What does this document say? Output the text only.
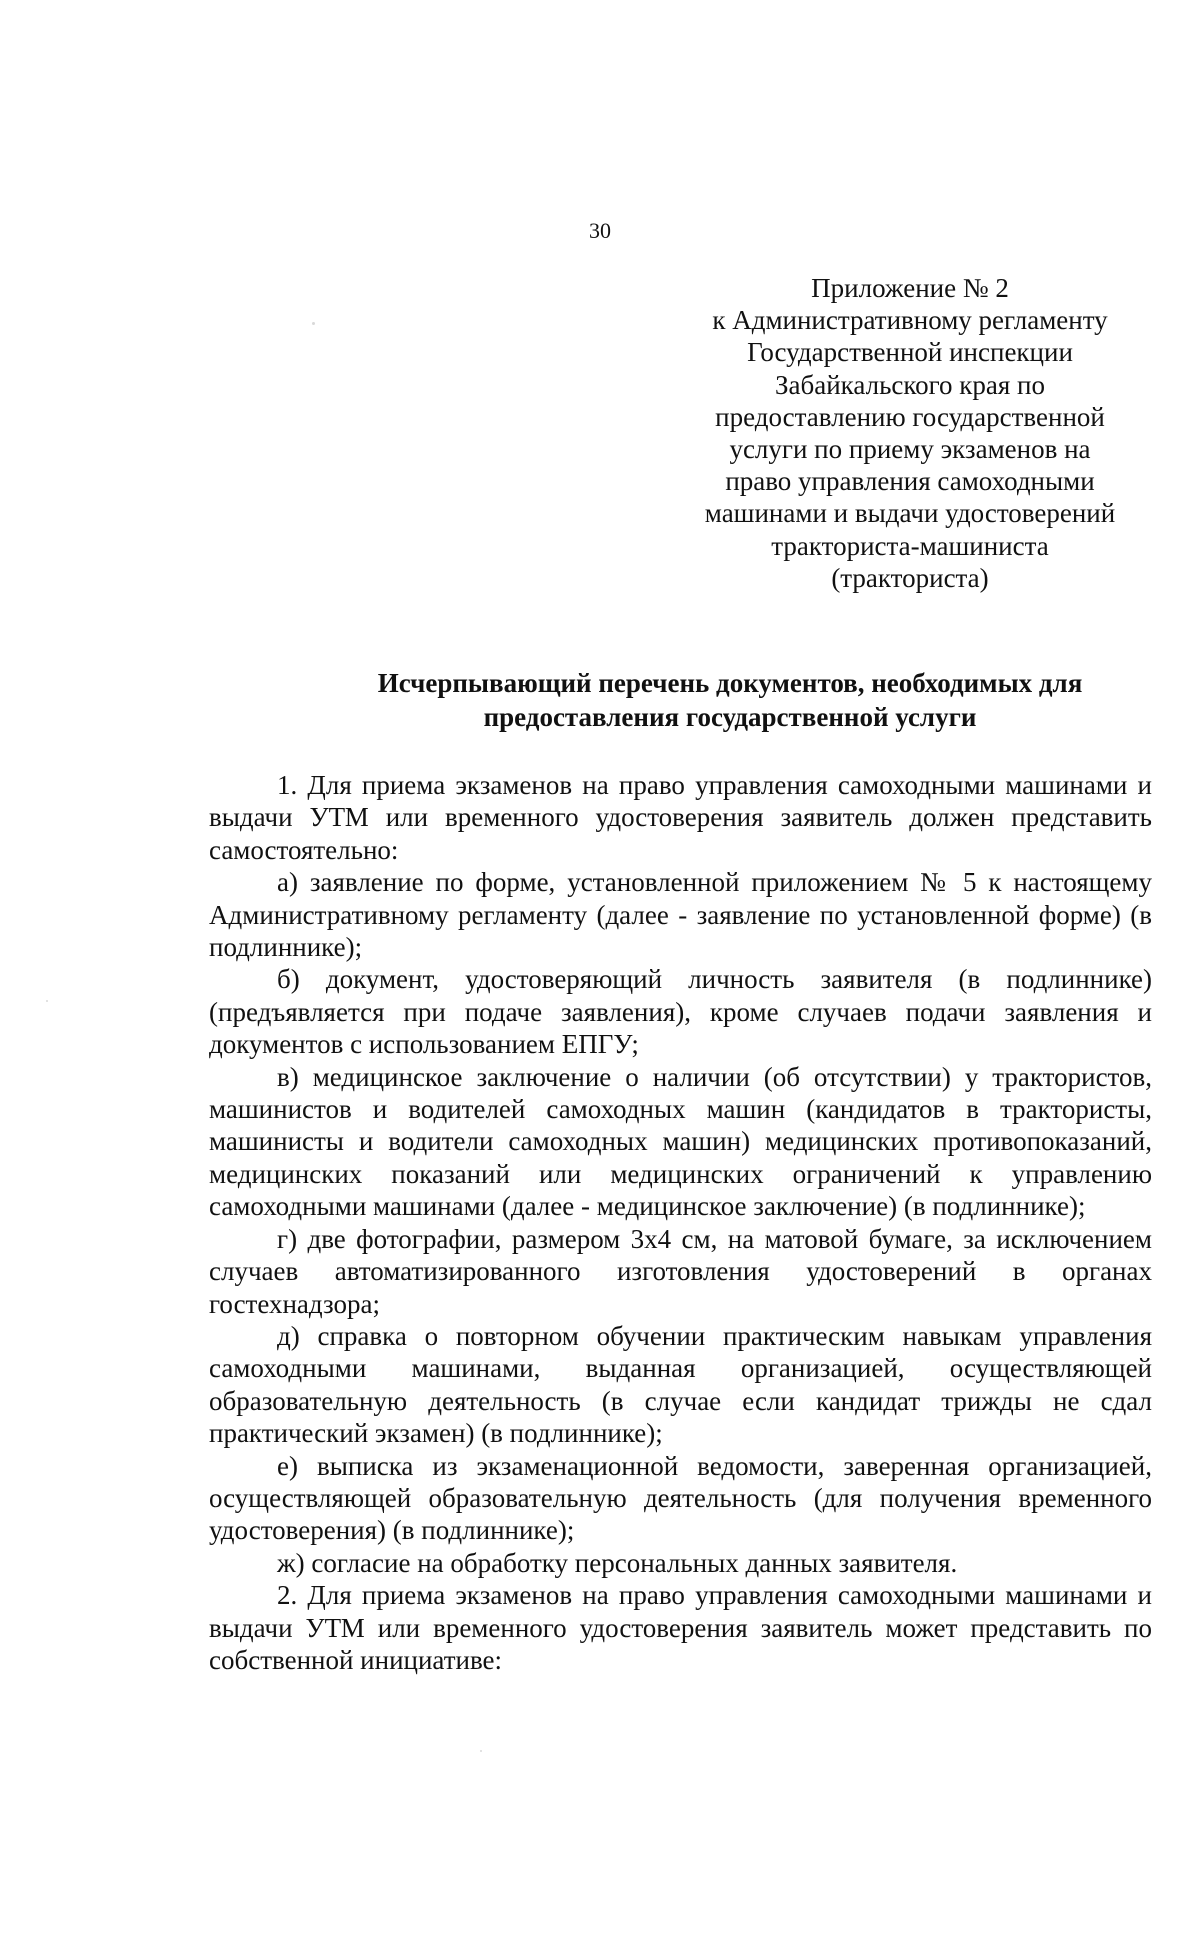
30
Приложение № 2
к Административному регламенту
Государственной инспекции
Забайкальского края по
предоставлению государственной
услуги по приему экзаменов на
право управления самоходными
машинами и выдачи удостоверений
тракториста-машиниста
(тракториста)
Исчерпывающий перечень документов, необходимых для
предоставления государственной услуги

1. Для приема экзаменов на право управления самоходными машинами и выдачи УТМ или временного удостоверения заявитель должен представить самостоятельно:

а) заявление по форме, установленной приложением № 5 к настоящему Административному регламенту (далее - заявление по установленной форме) (в подлиннике);

б) документ, удостоверяющий личность заявителя (в подлиннике) (предъявляется при подаче заявления), кроме случаев подачи заявления и документов с использованием ЕПГУ;

в) медицинское заключение о наличии (об отсутствии) у трактористов, машинистов и водителей самоходных машин (кандидатов в трактористы, машинисты и водители самоходных машин) медицинских противопоказаний, медицинских показаний или медицинских ограничений к управлению самоходными машинами (далее - медицинское заключение) (в подлиннике);

г) две фотографии, размером 3х4 см, на матовой бумаге, за исключением случаев автоматизированного изготовления удостоверений в органах гостехнадзора;

д) справка о повторном обучении практическим навыкам управления самоходными машинами, выданная организацией, осуществляющей образовательную деятельность (в случае если кандидат трижды не сдал практический экзамен) (в подлиннике);

е) выписка из экзаменационной ведомости, заверенная организацией, осуществляющей образовательную деятельность (для получения временного удостоверения) (в подлиннике);

ж) согласие на обработку персональных данных заявителя.

2. Для приема экзаменов на право управления самоходными машинами и выдачи УТМ или временного удостоверения заявитель может представить по собственной инициативе:
